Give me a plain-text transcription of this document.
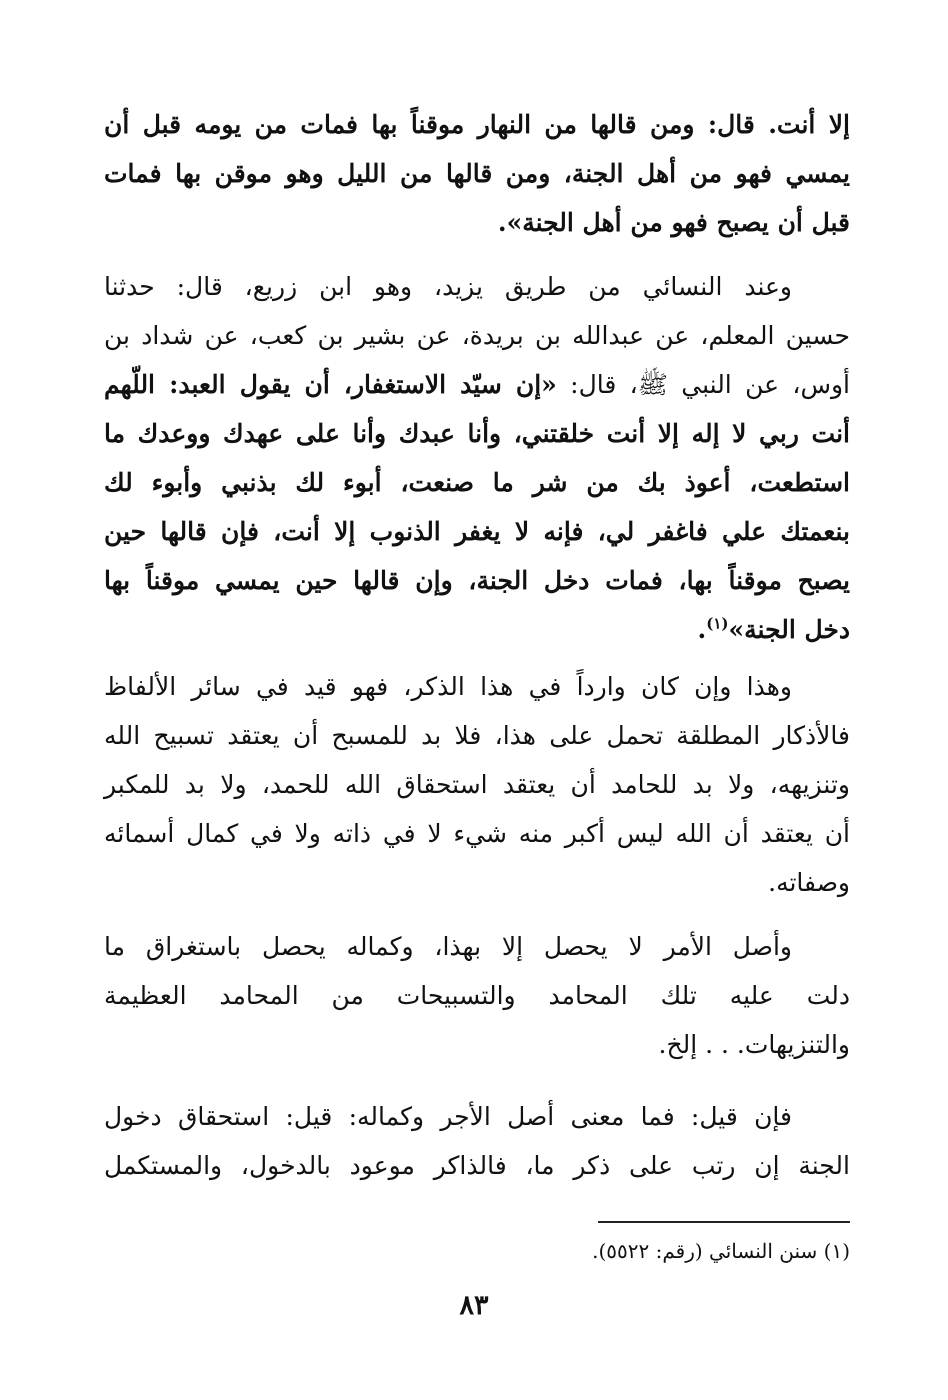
إلا أنت. قال: ومن قالها من النهار موقناً بها فمات من يومه قبل أن
يمسي فهو من أهل الجنة، ومن قالها من الليل وهو موقن بها فمات
قبل أن يصبح فهو من أهل الجنة».
وعند النسائي من طريق يزيد، وهو ابن زريع، قال: حدثنا
حسين المعلم، عن عبدالله بن بريدة، عن بشير بن كعب، عن شداد بن
أوس، عن النبي ﷺ، قال: «إن سيّد الاستغفار، أن يقول العبد: اللّهم
أنت ربي لا إله إلا أنت خلقتني، وأنا عبدك وأنا على عهدك ووعدك ما
استطعت، أعوذ بك من شر ما صنعت، أبوء لك بذنبي وأبوء لك
بنعمتك علي فاغفر لي، فإنه لا يغفر الذنوب إلا أنت، فإن قالها حين
يصبح موقناً بها، فمات دخل الجنة، وإن قالها حين يمسي موقناً بها
دخل الجنة»$^{(١)}$.
وهذا وإن كان وارداً في هذا الذكر، فهو قيد في سائر الألفاظ
فالأذكار المطلقة تحمل على هذا، فلا بد للمسبح أن يعتقد تسبيح الله
وتنزيهه، ولا بد للحامد أن يعتقد استحقاق الله للحمد، ولا بد للمكبر
أن يعتقد أن الله ليس أكبر منه شيء لا في ذاته ولا في كمال أسمائه
وصفاته.
وأصل الأمر لا يحصل إلا بهذا، وكماله يحصل باستغراق ما
دلت عليه تلك المحامد والتسبيحات من المحامد العظيمة
والتنزيهات. . . إلخ.
فإن قيل: فما معنى أصل الأجر وكماله: قيل: استحقاق دخول
الجنة إن رتب على ذكر ما، فالذاكر موعود بالدخول، والمستكمل
(١) سنن النسائي (رقم: ٥٥٢٢).
٨٣
